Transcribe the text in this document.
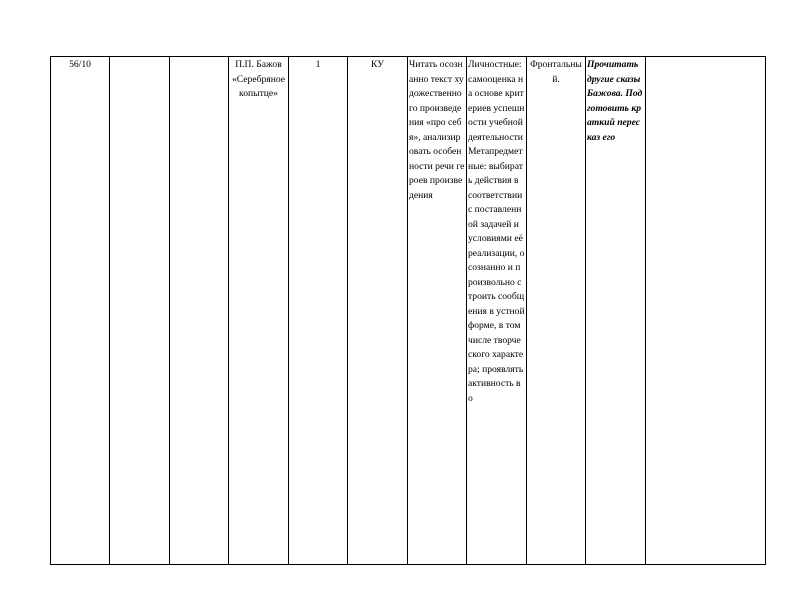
56/10			П.П. Бажов «Серебряное копытце»	1	КУ	Читать осознанно текст художественного произведения «про себя», анализировать особенности речи героев произведения	Личностные: самооценка на основе критериев успешности учебной деятельности Метапредметные: выбирать действия в соответствии с поставленной задачей и условиями её реализации, осознанно и произвольно строить сообщения в устной форме, в том числе творческого характера; проявлять активность во	Фронтальный.	Прочитать другие сказы Бажова. Подготовить краткий пересказ его	
